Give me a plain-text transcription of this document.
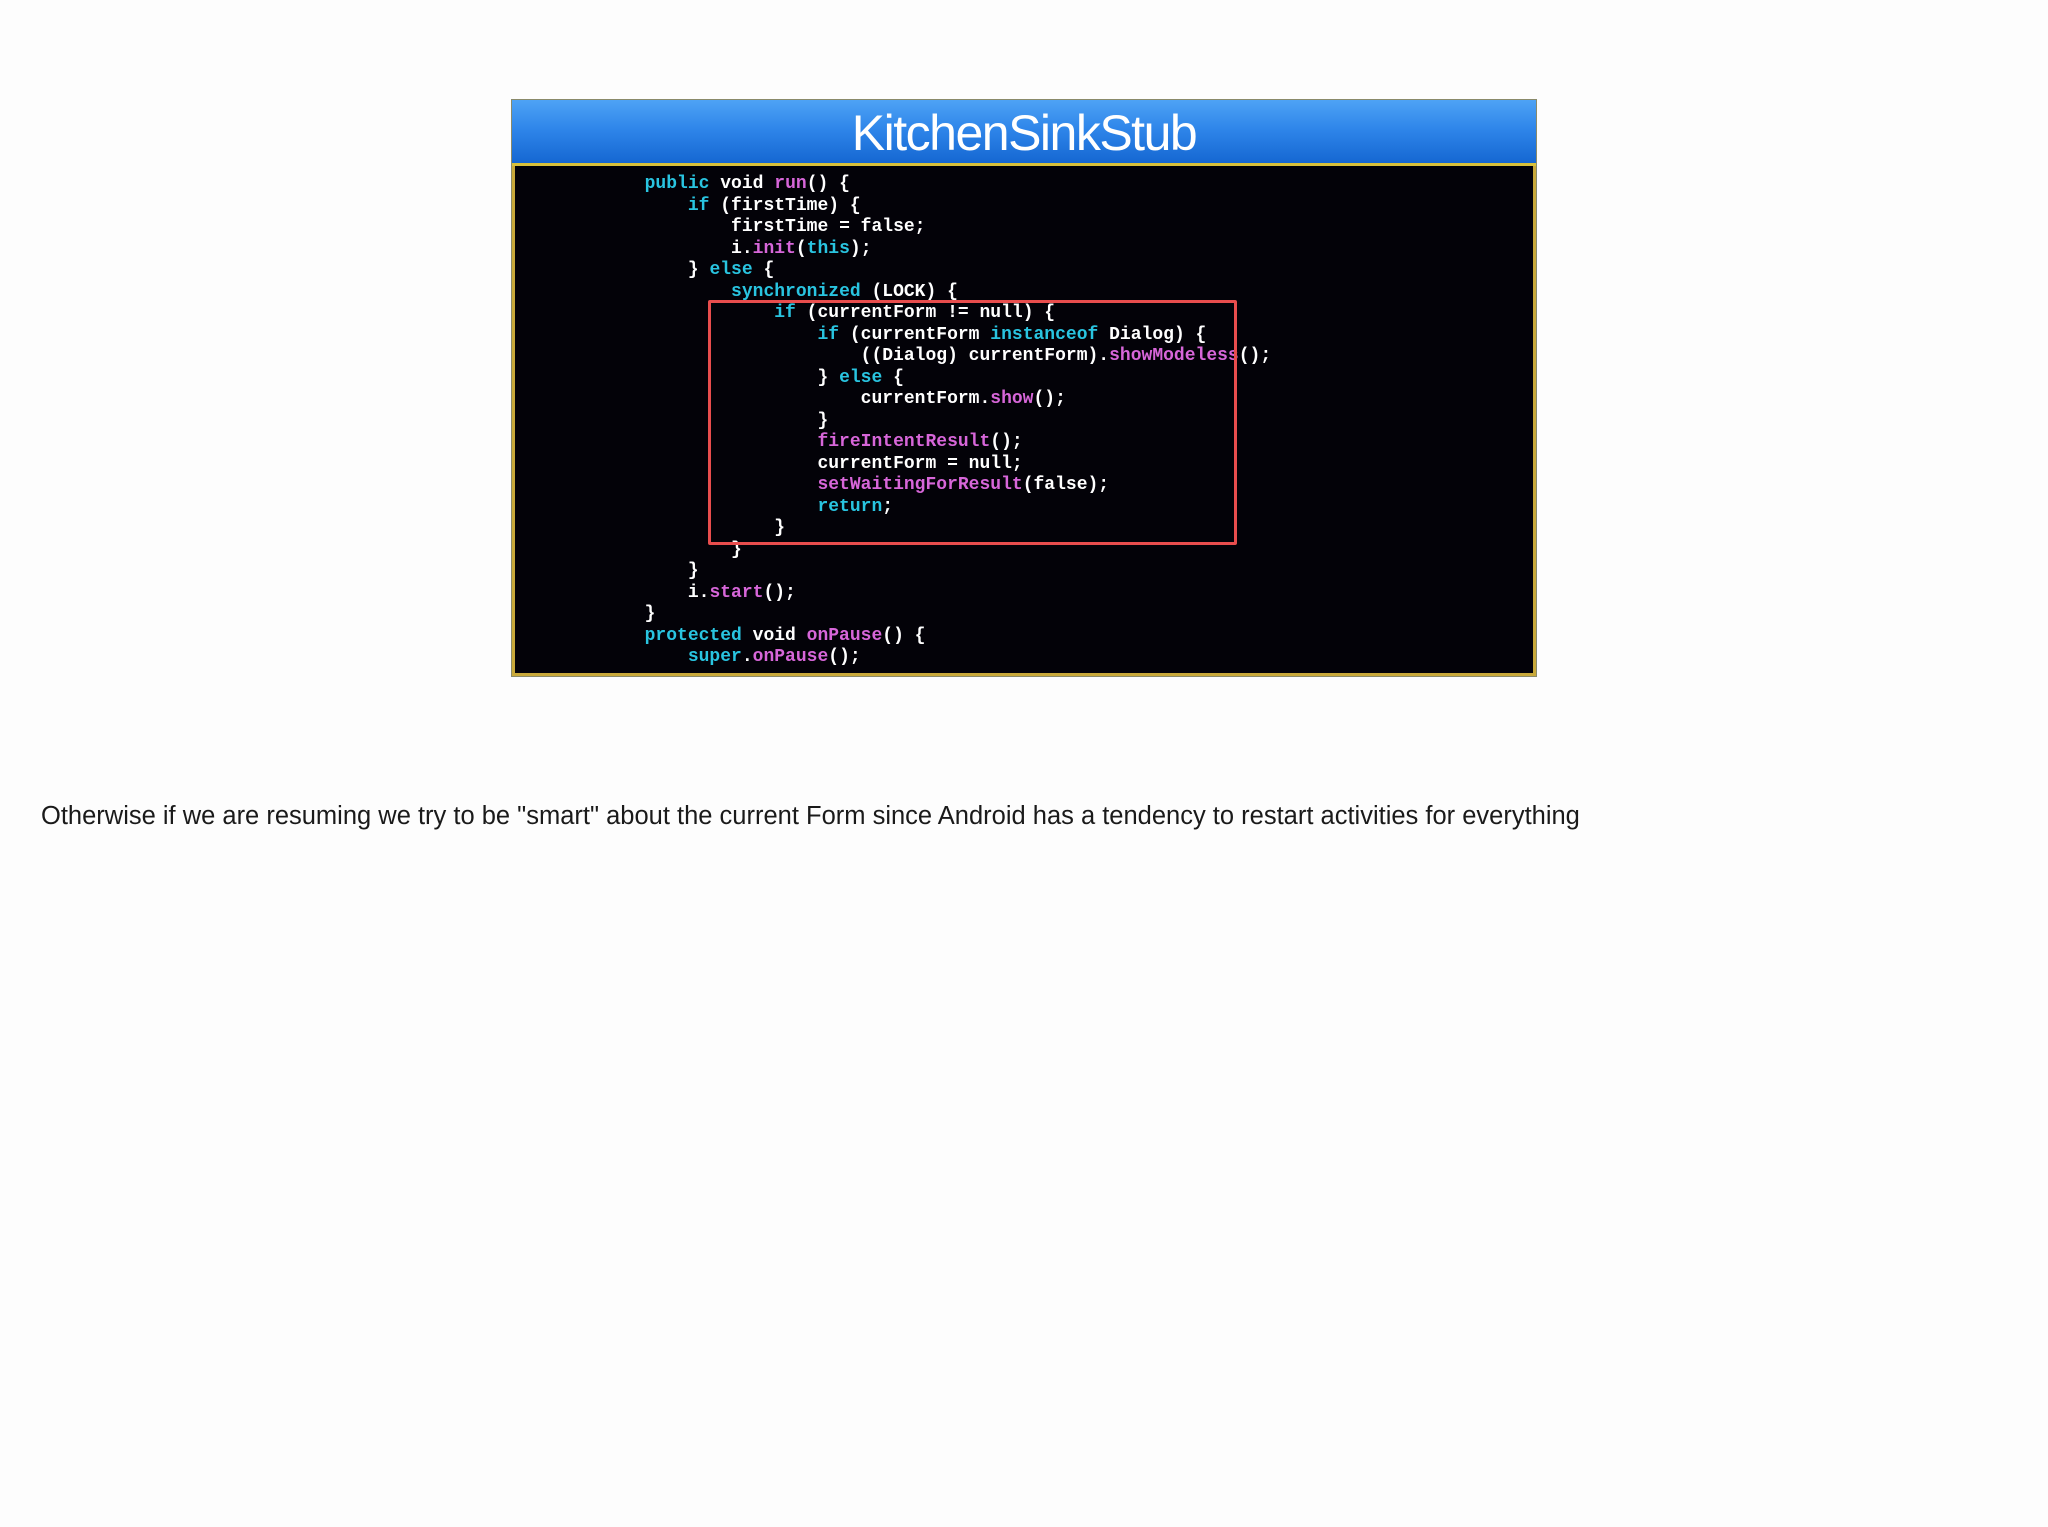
KitchenSinkStub
public void run() {
if (firstTime) {
firstTime = false;
i.init(this);
} else {
synchronized (LOCK) {
if (currentForm != null) {
if (currentForm instanceof Dialog) {
((Dialog) currentForm).showModeless();
} else {
currentForm.show();
}
fireIntentResult();
currentForm = null;
setWaitingForResult(false);
return;
}
}
}
i.start();
}
protected void onPause() {
super.onPause();
Otherwise if we are resuming we try to be "smart" about the current Form since Android has a tendency to restart activities for everything
